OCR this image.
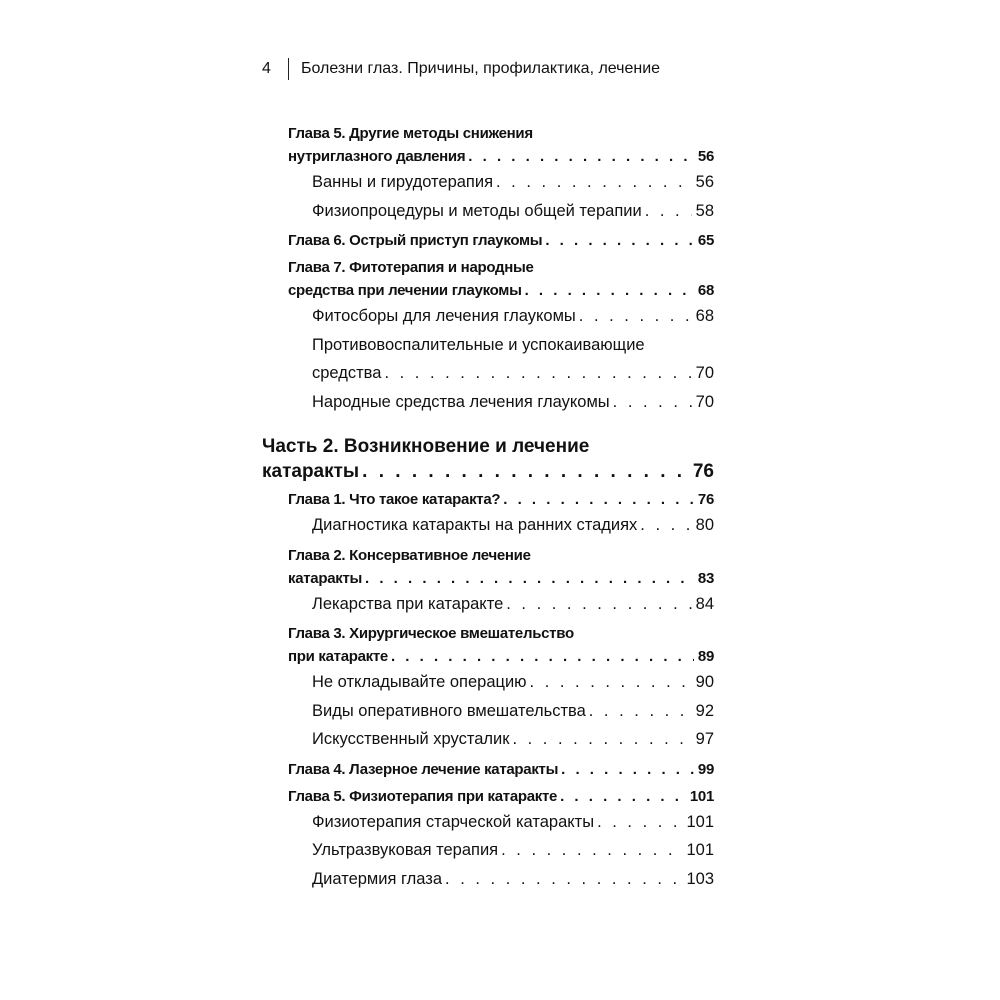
4	Болезни глаз. Причины, профилактика, лечение
Глава 5. Другие методы снижения
нутриглазного давления . . .	56
Ванны и гирудотерапия . . .	56
Физиопроцедуры и методы общей терапии . . .	58
Глава 6. Острый приступ глаукомы . . .	65
Глава 7. Фитотерапия и народные
средства при лечении глаукомы . . .	68
Фитосборы для лечения глаукомы . . .	68
Противовоспалительные и успокаивающие
средства . . .	70
Народные средства лечения глаукомы . . .	70
Часть 2. Возникновение и лечение
катаракты . . .	76
Глава 1. Что такое катаракта? . . .	76
Диагностика катаракты на ранних стадиях . . .	80
Глава 2. Консервативное лечение
катаракты . . .	83
Лекарства при катаракте . . .	84
Глава 3. Хирургическое вмешательство
при катаракте . . .	89
Не откладывайте операцию . . .	90
Виды оперативного вмешательства . . .	92
Искусственный хрусталик . . .	97
Глава 4. Лазерное лечение катаракты . . .	99
Глава 5. Физиотерапия при катаракте . . .	101
Физиотерапия старческой катаракты . . .	101
Ультразвуковая терапия . . .	101
Диатермия глаза . . .	103
